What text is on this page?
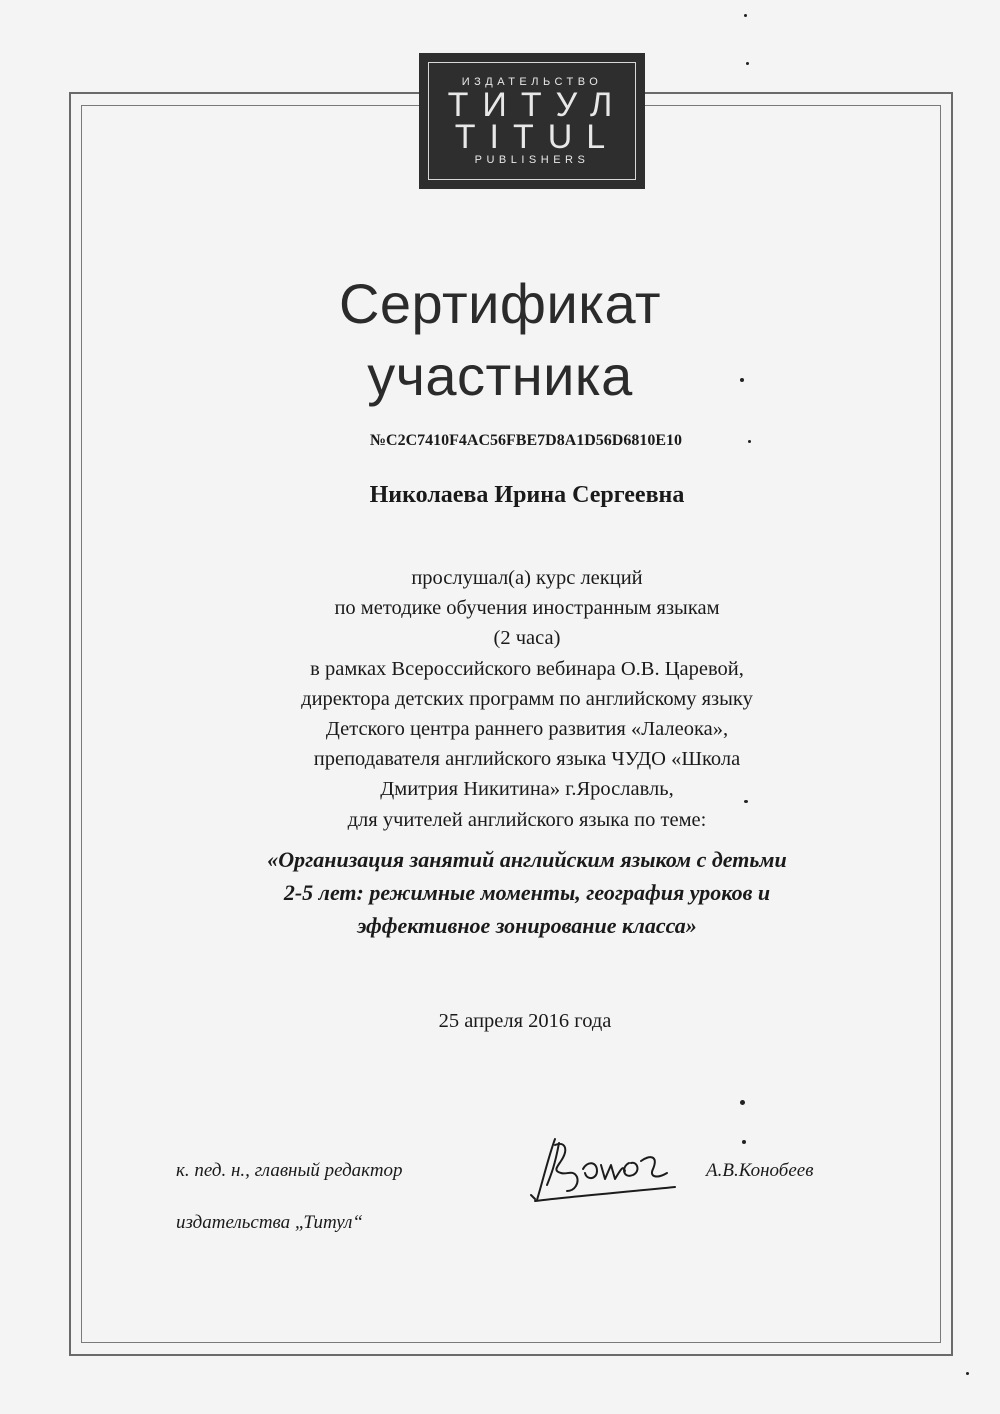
ИЗДАТЕЛЬСТВО
ТИТУЛ
TITUL
PUBLISHERS
Сертификат
участника
№C2C7410F4AC56FBE7D8A1D56D6810E10
Николаева Ирина Сергеевна
прослушал(а) курс лекций
по методике обучения иностранным языкам
(2 часа)
в рамках Всероссийского вебинара О.В. Царевой,
директора детских программ по английскому языку
Детского центра раннего развития «Лалеока»,
преподавателя английского языка ЧУДО «Школа
Дмитрия Никитина» г.Ярославль,
для учителей английского языка по теме:
«Организация занятий английским языком с детьми
2-5 лет: режимные моменты, география уроков и
эффективное зонирование класса»
25 апреля 2016 года
к. пед. н., главный редактор
издательства „Титул“
А.В.Конобеев
